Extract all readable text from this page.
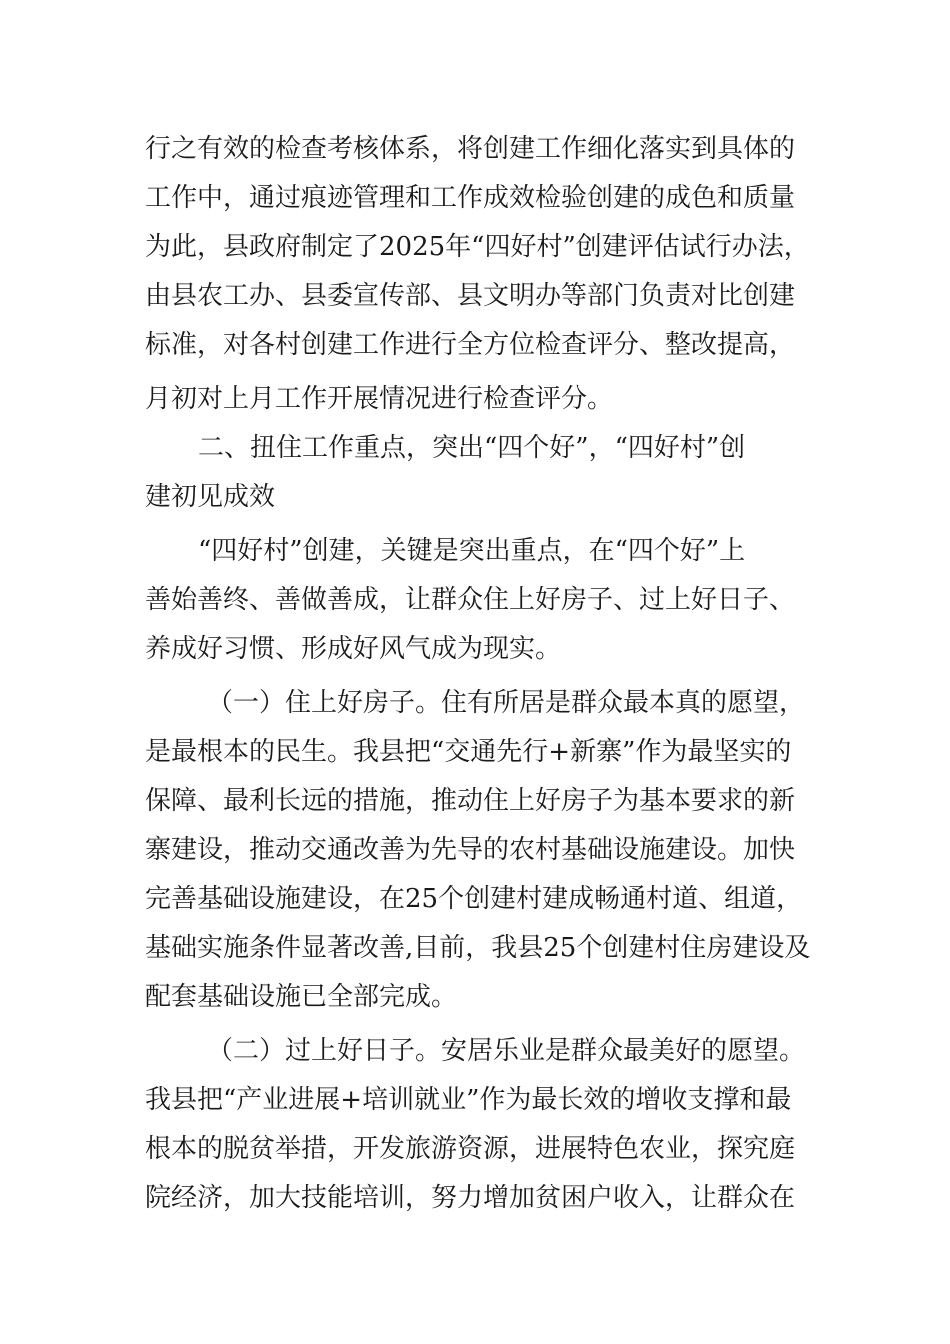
行之有效的检查考核体系，将创建工作细化落实到具体的
工作中，通过痕迹管理和工作成效检验创建的成色和质量
为此，县政府制定了2025年“四好村”创建评估试行办法，
由县农工办、县委宣传部、县文明办等部门负责对比创建
标准，对各村创建工作进行全方位检查评分、整改提高，
月初对上月工作开展情况进行检查评分。
二、扭住工作重点，突出“四个好”，“四好村”创
建初见成效
“四好村”创建，关键是突出重点，在“四个好”上
善始善终、善做善成，让群众住上好房子、过上好日子、
养成好习惯、形成好风气成为现实。
（一）住上好房子。住有所居是群众最本真的愿望，
是最根本的民生。我县把“交通先行+新寨”作为最坚实的
保障、最利长远的措施，推动住上好房子为基本要求的新
寨建设，推动交通改善为先导的农村基础设施建设。加快
完善基础设施建设，在25个创建村建成畅通村道、组道，
基础实施条件显著改善,目前，我县25个创建村住房建设及
配套基础设施已全部完成。
（二）过上好日子。安居乐业是群众最美好的愿望。
我县把“产业进展+培训就业”作为最长效的增收支撑和最
根本的脱贫举措，开发旅游资源，进展特色农业，探究庭
院经济，加大技能培训，努力增加贫困户收入，让群众在
